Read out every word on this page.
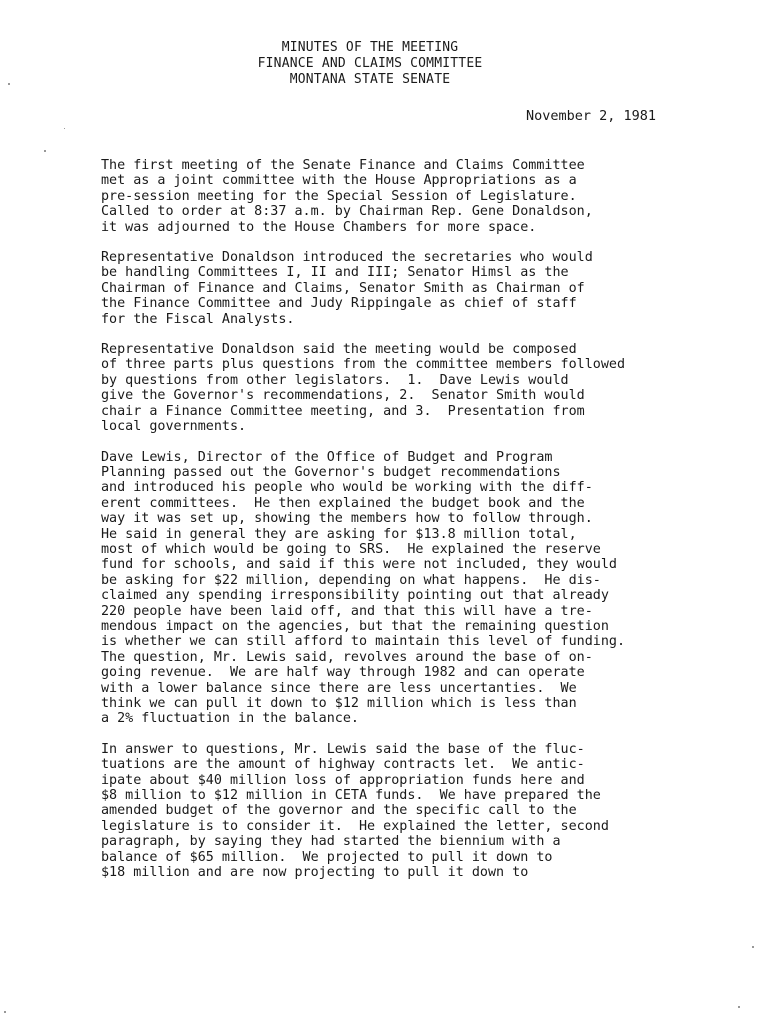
MINUTES OF THE MEETING
FINANCE AND CLAIMS COMMITTEE
MONTANA STATE SENATE
November 2, 1981
The first meeting of the Senate Finance and Claims Committee
met as a joint committee with the House Appropriations as a
pre-session meeting for the Special Session of Legislature.
Called to order at 8:37 a.m. by Chairman Rep. Gene Donaldson,
it was adjourned to the House Chambers for more space.
Representative Donaldson introduced the secretaries who would
be handling Committees I, II and III; Senator Himsl as the
Chairman of Finance and Claims, Senator Smith as Chairman of
the Finance Committee and Judy Rippingale as chief of staff
for the Fiscal Analysts.
Representative Donaldson said the meeting would be composed
of three parts plus questions from the committee members followed
by questions from other legislators.  1.  Dave Lewis would
give the Governor's recommendations, 2.  Senator Smith would
chair a Finance Committee meeting, and 3.  Presentation from
local governments.
Dave Lewis, Director of the Office of Budget and Program
Planning passed out the Governor's budget recommendations
and introduced his people who would be working with the diff-
erent committees.  He then explained the budget book and the
way it was set up, showing the members how to follow through.
He said in general they are asking for $13.8 million total,
most of which would be going to SRS.  He explained the reserve
fund for schools, and said if this were not included, they would
be asking for $22 million, depending on what happens.  He dis-
claimed any spending irresponsibility pointing out that already
220 people have been laid off, and that this will have a tre-
mendous impact on the agencies, but that the remaining question
is whether we can still afford to maintain this level of funding.
The question, Mr. Lewis said, revolves around the base of on-
going revenue.  We are half way through 1982 and can operate
with a lower balance since there are less uncertanties.  We
think we can pull it down to $12 million which is less than
a 2% fluctuation in the balance.
In answer to questions, Mr. Lewis said the base of the fluc-
tuations are the amount of highway contracts let.  We antic-
ipate about $40 million loss of appropriation funds here and
$8 million to $12 million in CETA funds.  We have prepared the
amended budget of the governor and the specific call to the
legislature is to consider it.  He explained the letter, second
paragraph, by saying they had started the biennium with a
balance of $65 million.  We projected to pull it down to
$18 million and are now projecting to pull it down to
